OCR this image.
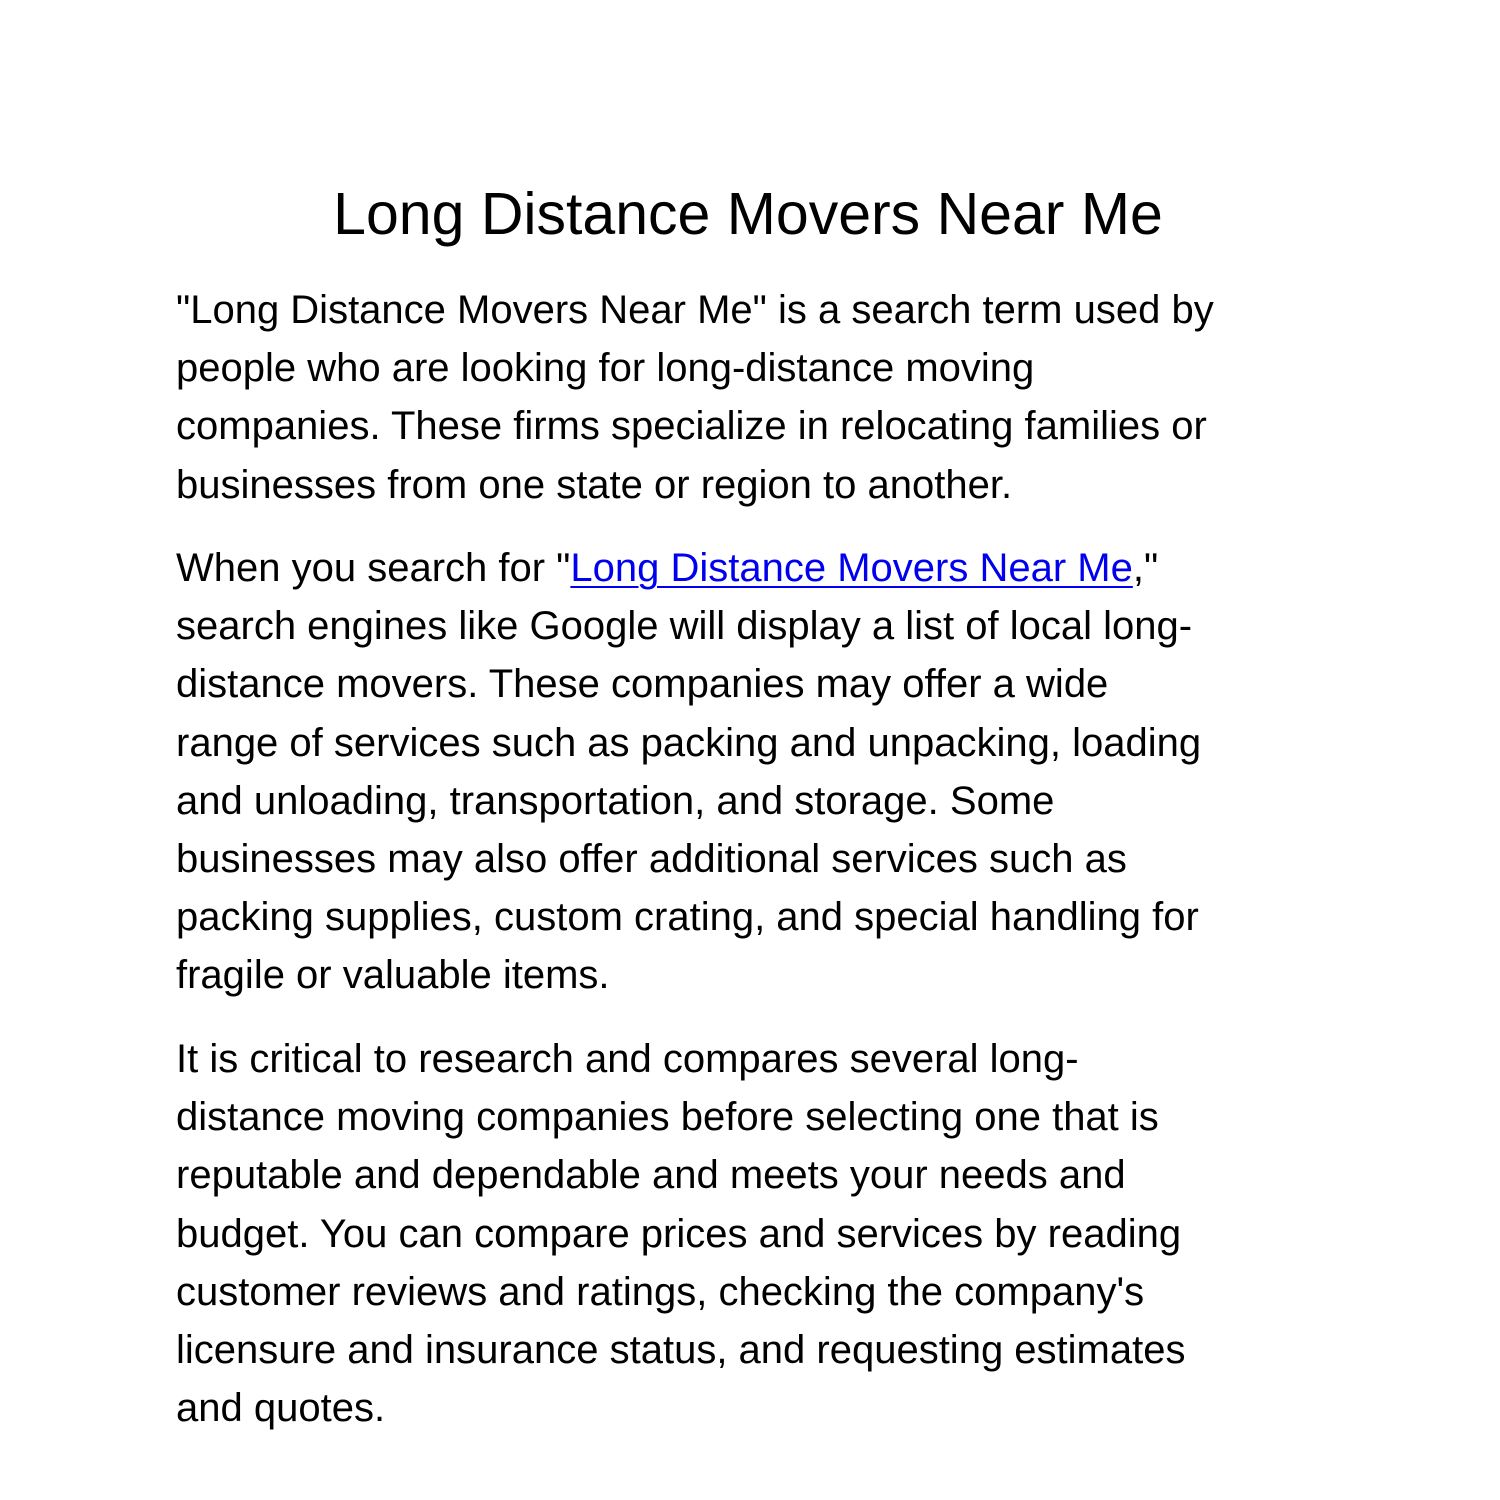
Long Distance Movers Near Me

"Long Distance Movers Near Me" is a search term used by
people who are looking for long-distance moving
companies. These firms specialize in relocating families or
businesses from one state or region to another.

When you search for "Long Distance Movers Near Me,"
search engines like Google will display a list of local long-
distance movers. These companies may offer a wide
range of services such as packing and unpacking, loading
and unloading, transportation, and storage. Some
businesses may also offer additional services such as
packing supplies, custom crating, and special handling for
fragile or valuable items.

It is critical to research and compares several long-
distance moving companies before selecting one that is
reputable and dependable and meets your needs and
budget. You can compare prices and services by reading
customer reviews and ratings, checking the company's
licensure and insurance status, and requesting estimates
and quotes.
